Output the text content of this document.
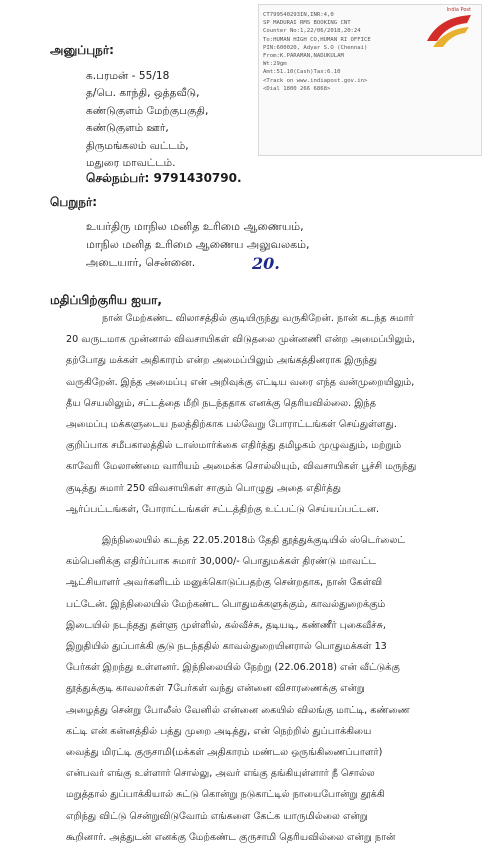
CT799540293IN,INR:4,0
SP MADURAI RMS BOOKING CNT
Counter No:1,22/06/2018,20:24
To:HUMAN HIGH CO,HUMAN RI OFFICE
PIN:600020, Adyar S.O (Chennai)
From:K.PARAMAN,NADUKULAM
Wt:29gm
Amt:51.10(Cash)Tax:6.10
<Track on www.indiapost.gov.in>
<Dial 1800 266 6868>
India Post
அனுப்புநர்:
க.பரமன் - 55/18
த/பெ. காந்தி, ஒத்தவீடு,
கண்டுகுளம் மேற்குபகுதி,
கண்டுகுளம் ஊர்,
திருமங்கலம் வட்டம்,
மதுரை மாவட்டம்.
செல்நம்பர்: 9791430790.
பெறுநர்:
உயர்திரு மாநில மனித உரிமை ஆணையம்,
மாநில மனித உரிமை ஆணைய அலுவலகம்,
அடையார், சென்னை.	20.
மதிப்பிற்குரிய ஐயா,
நான் மேற்கண்ட விலாசத்தில் குடியிருந்து வருகிறேன். நான் கடந்த சுமார்
20 வருடமாக முன்னால் விவசாயிகள் விடுதலை முன்னணி என்ற அமைப்பிலும்,
தற்போது மக்கள் அதிகாரம் என்ற அமைப்பிலும் அங்கத்தினராக இருந்து
வருகிறேன். இந்த அமைப்பு என் அறிவுக்கு எட்டிய வரை எந்த வன்முறையிலும்,
தீய செயலிலும், சட்டத்தை மீறி நடந்ததாக எனக்கு தெரியவில்லை. இந்த
அமைப்பு மக்களுடைய நலத்திற்காக பல்வேறு போராட்டங்கள் செய்துள்ளது.
குறிப்பாக சமீபகாலத்தில் டாஸ்மார்க்கை எதிர்த்து தமிழகம் முழுவதும், மற்றும்
காவேரி மேலாண்மை வாரியம் அமைக்க சொல்லியும், விவசாயிகள் பூச்சி மருந்து
குடித்து சுமார் 250 விவசாயிகள் சாகும் பொழுது அதை எதிர்த்து
ஆர்ப்பட்டங்கள், போராட்டங்கள் சட்டத்திற்கு உட்பட்டு செய்யப்பட்டன.
இந்நிலையில் கடந்த 22.05.2018ம் தேதி தூத்துக்குடியில் ஸ்டெர்லைட்
கம்பெனிக்கு எதிர்ப்பாக சுமார் 30,000/- பொதுமக்கள் திரண்டு மாவட்ட
ஆட்சியாளர் அவர்களிடம் மனுக்கொடுப்பதற்கு சென்றதாக, நான் கேள்வி
பட்டேன். இந்நிலையில் மேற்கண்ட பொதுமக்களுக்கும், காவல்துறைக்கும்
இடையில் நடந்தது தள்ளு முள்ளில், கல்வீச்சு, தடியடி, கண்ணீர் புகைவீச்சு,
இறுதியில் துப்பாக்கி சூடு நடந்ததில் காவல்துறையினரால் பொதுமக்கள் 13
பேர்கள் இறந்து உள்ளனர். இந்நிலையில் நேற்று (22.06.2018) என் வீட்டுக்கு
தூத்துக்குடி காவலர்கள் 7பேர்கள் வந்து என்னை விசாரணைக்கு என்று
அழைத்து சென்று போலீஸ் வேனில் என்னை கையில் விலங்கு மாட்டி, கண்ணை
கட்டி என் கன்னத்தில் பத்து முறை அடித்து, என் நெற்றில் துப்பாக்கியை
வைத்து மிரட்டி குருசாமி(மக்கள் அதிகாரம் மண்டல ஒருங்கிணைப்பாளர்)
என்பவர் எங்கு உள்ளார் சொல்லு, அவர் எங்கு தங்கியுள்ளார் நீ சொல்ல
மறுத்தால் துப்பாக்கியால் சுட்டு கொன்று நடுகாட்டில் நாயைபோன்று தூக்கி
எறிந்து விட்டு சென்றுவிடுவோம் எங்களை கேட்க யாருமில்லை என்று
கூறினார். அத்துடன் எனக்கு மேற்கண்ட குருசாமி தெரியவில்லை என்று நான்
